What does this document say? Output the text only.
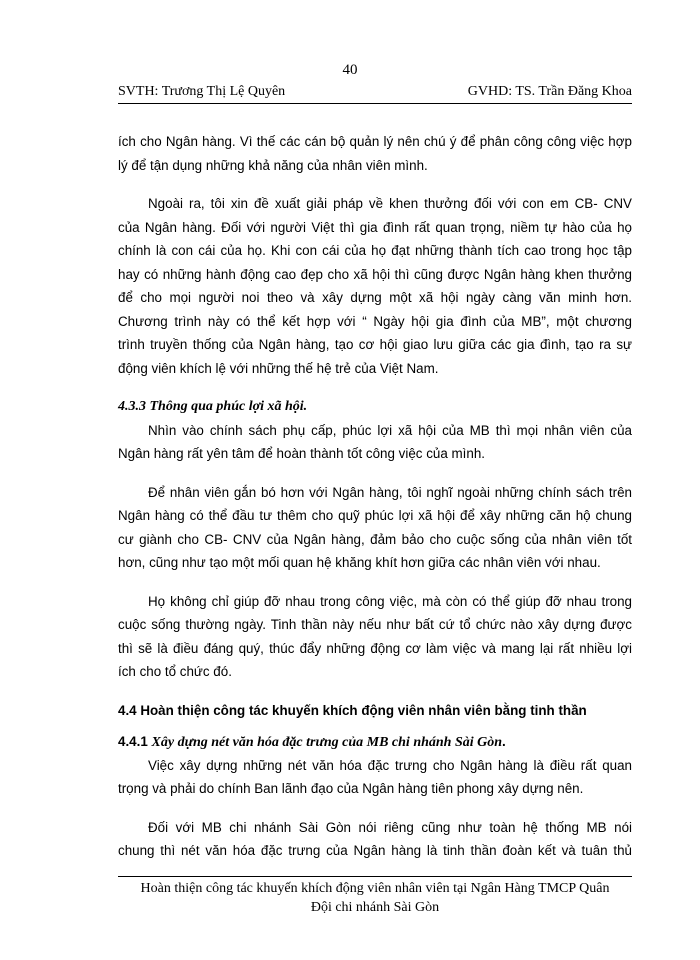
40
SVTH: Trương Thị Lệ Quyên	GVHD: TS. Trần Đăng Khoa
ích cho Ngân hàng. Vì thế các cán bộ quản lý nên chú ý để phân công công việc hợp
lý để tận dụng những khả năng của nhân viên mình.
Ngoài ra, tôi xin đề xuất giải pháp về khen thưởng đối với con em CB- CNV
của Ngân hàng. Đối với người Việt thì gia đình rất quan trọng, niềm tự hào của họ
chính là con cái của họ. Khi con cái của họ đạt những thành tích cao trong học tập
hay có những hành động cao đẹp cho xã hội thì cũng được Ngân hàng khen thưởng
để cho mọi người noi theo và xây dựng một xã hội ngày càng văn minh hơn.
Chương trình này có thể kết hợp với “ Ngày hội gia đình của MB”, một chương
trình truyền thống của Ngân hàng, tạo cơ hội giao lưu giữa các gia đình, tạo ra sự
động viên khích lệ với những thế hệ trẻ của Việt Nam.
4.3.3 Thông qua phúc lợi xã hội.
Nhìn vào chính sách phụ cấp, phúc lợi xã hội của MB thì mọi nhân viên của
Ngân hàng rất yên tâm để hoàn thành tốt công việc của mình.
Để nhân viên gắn bó hơn với Ngân hàng, tôi nghĩ ngoài những chính sách trên
Ngân hàng có thể đầu tư thêm cho quỹ phúc lợi xã hội để xây những căn hộ chung
cư giành cho CB- CNV của Ngân hàng, đảm bảo cho cuộc sống của nhân viên tốt
hơn, cũng như tạo một mối quan hệ khăng khít hơn giữa các nhân viên với nhau.
Họ không chỉ giúp đỡ nhau trong công việc, mà còn có thể giúp đỡ nhau trong
cuộc sống thường ngày. Tinh thần này nếu như bất cứ tổ chức nào xây dựng được
thì sẽ là điều đáng quý, thúc đẩy những động cơ làm việc và mang lại rất nhiều lợi
ích cho tổ chức đó.
4.4 Hoàn thiện công tác khuyến khích động viên nhân viên bằng tinh thần
4.4.1 Xây dựng nét văn hóa đặc trưng của MB chi nhánh Sài Gòn.
Việc xây dựng những nét văn hóa đặc trưng cho Ngân hàng là điều rất quan
trọng và phải do chính Ban lãnh đạo của Ngân hàng tiên phong xây dựng nên.
Đối với MB chi nhánh Sài Gòn nói riêng cũng như toàn hệ thống MB nói
chung thì nét văn hóa đặc trưng của Ngân hàng là tinh thần đoàn kết và tuân thủ
Hoàn thiện công tác khuyến khích động viên nhân viên tại Ngân Hàng TMCP Quân
Đội chi nhánh Sài Gòn
